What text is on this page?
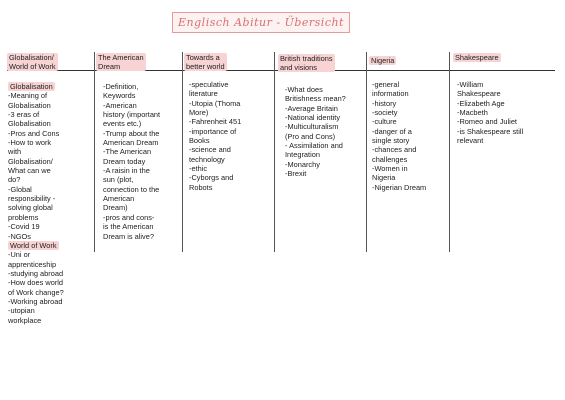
Englisch Abitur - Übersicht
Globalisation/
World of Work
The American
Dream
Towards a
better world
British traditions
and visions
Nigeria	Shakespeare
Globalisation
-Meaning of
Globalisation
-3 eras of
Globalisation
-Pros and Cons
-How to work
with
Globalisation/
What can we
do?
-Global
responsibility -
solving global
problems
-Covid 19
-NGOs
World of Work
-Uni or
apprenticeship
-studying abroad
-How does world
of Work change?
-Working abroad
-utopian
workplace
-Definition,
Keywords
-American
history (important
events etc.)
-Trump about the
American Dream
-The American
Dream today
-A raisin in the
sun (plot,
connection to the
American
Dream)
-pros and cons-
is the American
Dream is alive?
-speculative
literature
-Utopia (Thoma
More)
-Fahrenheit 451
-importance of
Books
-science and
technology
-ethic
-Cyborgs and
Robots
-What does
Britishness mean?
-Average Britain
-National identity
-Multiculturalism
(Pro and Cons)
- Assimilation and
Integration
-Monarchy
-Brexit
-general
information
-history
-society
-culture
-danger of a
single story
-chances and
challenges
-Women in
Nigeria
-Nigerian Dream
-William
Shakespeare
-Elizabeth Age
-Macbeth
-Romeo and Juliet
-is Shakespeare still
relevant
